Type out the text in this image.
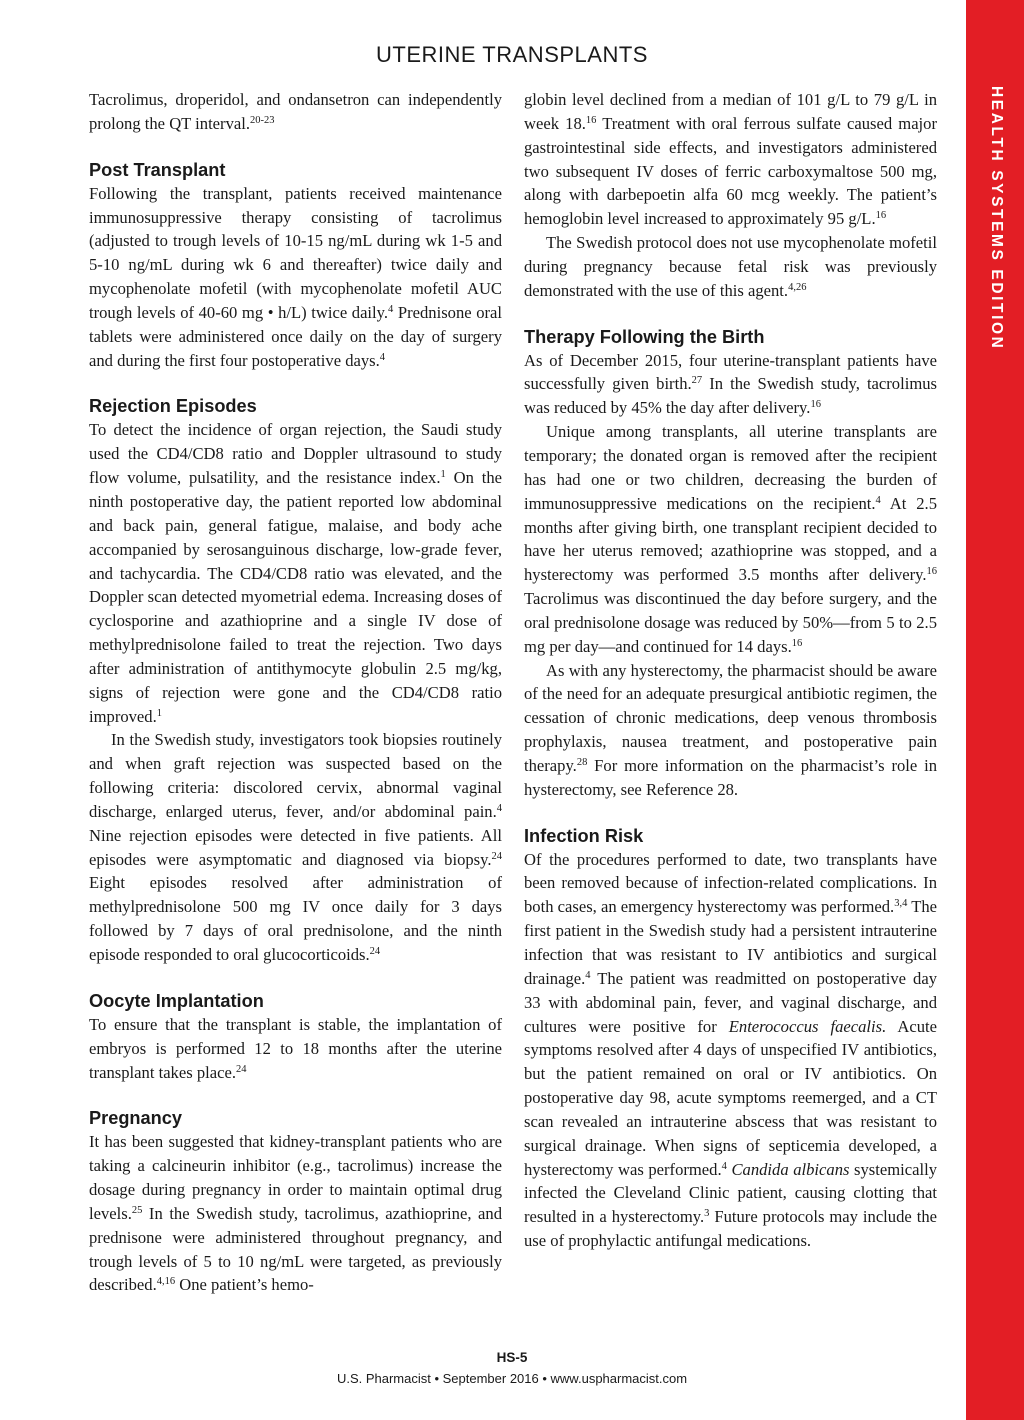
HEALTH SYSTEMS EDITION
UTERINE TRANSPLANTS

Tacrolimus, droperidol, and ondansetron can independently prolong the QT interval.$^{20-23}$

Post Transplant

Following the transplant, patients received maintenance immunosuppressive therapy consisting of tacrolimus (adjusted to trough levels of 10-15 ng/mL during wk 1-5 and 5-10 ng/mL during wk 6 and thereafter) twice daily and mycophenolate mofetil (with mycophenolate mofetil AUC trough levels of 40-60 mg • h/L) twice daily.$^4$ Prednisone oral tablets were administered once daily on the day of surgery and during the first four postoperative days.$^4$

Rejection Episodes

To detect the incidence of organ rejection, the Saudi study used the CD4/CD8 ratio and Doppler ultrasound to study flow volume, pulsatility, and the resistance index.$^1$ On the ninth postoperative day, the patient reported low abdominal and back pain, general fatigue, malaise, and body ache accompanied by serosanguinous discharge, low-grade fever, and tachycardia. The CD4/CD8 ratio was elevated, and the Doppler scan detected myometrial edema. Increasing doses of cyclosporine and azathioprine and a single IV dose of methylprednisolone failed to treat the rejection. Two days after administration of antithymocyte globulin 2.5 mg/kg, signs of rejection were gone and the CD4/CD8 ratio improved.$^1$

In the Swedish study, investigators took biopsies routinely and when graft rejection was suspected based on the following criteria: discolored cervix, abnormal vaginal discharge, enlarged uterus, fever, and/or abdominal pain.$^4$ Nine rejection episodes were detected in five patients. All episodes were asymptomatic and diagnosed via biopsy.$^{24}$ Eight episodes resolved after administration of methylprednisolone 500 mg IV once daily for 3 days followed by 7 days of oral prednisolone, and the ninth episode responded to oral glucocorticoids.$^{24}$

Oocyte Implantation

To ensure that the transplant is stable, the implantation of embryos is performed 12 to 18 months after the uterine transplant takes place.$^{24}$

Pregnancy

It has been suggested that kidney-transplant patients who are taking a calcineurin inhibitor (e.g., tacrolimus) increase the dosage during pregnancy in order to maintain optimal drug levels.$^{25}$ In the Swedish study, tacrolimus, azathioprine, and prednisone were administered throughout pregnancy, and trough levels of 5 to 10 ng/mL were targeted, as previously described.$^{4,16}$ One patient’s hemo-

globin level declined from a median of 101 g/L to 79 g/L in week 18.16 Treatment with oral ferrous sulfate caused major gastrointestinal side effects, and investigators administered two subsequent IV doses of ferric carboxymaltose 500 mg, along with darbepoetin alfa 60 mcg weekly. The patient’s hemoglobin level increased to approximately 95 g/L.$^{16}$

The Swedish protocol does not use mycophenolate mofetil during pregnancy because fetal risk was previously demonstrated with the use of this agent.$^{4,26}$

Therapy Following the Birth

As of December 2015, four uterine-transplant patients have successfully given birth.$^{27}$ In the Swedish study, tacrolimus was reduced by 45% the day after delivery.$^{16}$

Unique among transplants, all uterine transplants are temporary; the donated organ is removed after the recipient has had one or two children, decreasing the burden of immunosuppressive medications on the recipient.$^4$ At 2.5 months after giving birth, one transplant recipient decided to have her uterus removed; azathioprine was stopped, and a hysterectomy was performed 3.5 months after delivery.$^{16}$ Tacrolimus was discontinued the day before surgery, and the oral prednisolone dosage was reduced by 50%—from 5 to 2.5 mg per day—and continued for 14 days.$^{16}$

As with any hysterectomy, the pharmacist should be aware of the need for an adequate presurgical antibiotic regimen, the cessation of chronic medications, deep venous thrombosis prophylaxis, nausea treatment, and postoperative pain therapy.$^{28}$ For more information on the pharmacist’s role in hysterectomy, see Reference 28.

Infection Risk

Of the procedures performed to date, two transplants have been removed because of infection-related complications. In both cases, an emergency hysterectomy was performed.$^{3,4}$ The first patient in the Swedish study had a persistent intrauterine infection that was resistant to IV antibiotics and surgical drainage.$^4$ The patient was readmitted on postoperative day 33 with abdominal pain, fever, and vaginal discharge, and cultures were positive for Enterococcus faecalis. Acute symptoms resolved after 4 days of unspecified IV antibiotics, but the patient remained on oral or IV antibiotics. On postoperative day 98, acute symptoms reemerged, and a CT scan revealed an intrauterine abscess that was resistant to surgical drainage. When signs of septicemia developed, a hysterectomy was performed.$^4$ Candida albicans systemically infected the Cleveland Clinic patient, causing clotting that resulted in a hysterectomy.$^3$ Future protocols may include the use of prophylactic antifungal medications.

HS-5
U.S. Pharmacist • September 2016 • www.uspharmacist.com
